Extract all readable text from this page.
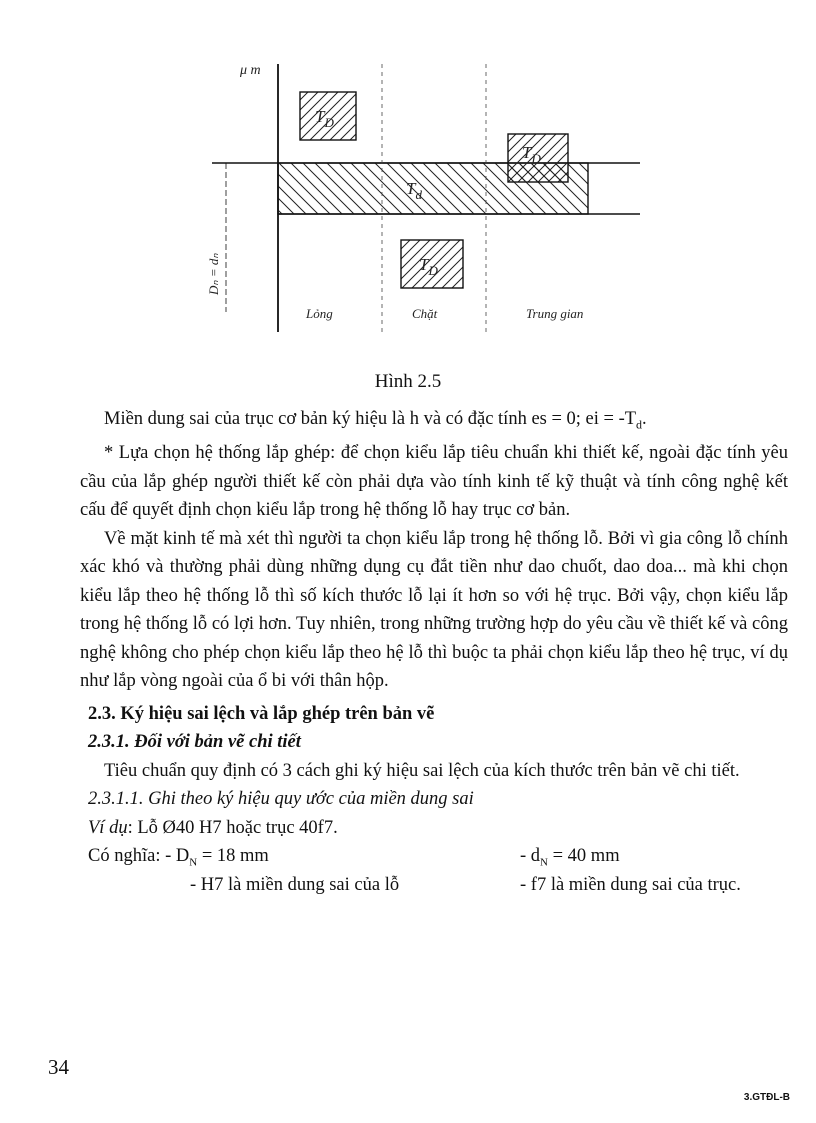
μ m
Dₙ = dₙ
$T_d$
$T_D$
$T_D$
$T_D$
Lỏng	Chặt	Trung gian
Hình 2.5

Miền dung sai của trục cơ bản ký hiệu là h và có đặc tính es = 0; ei = $-T_d$.

* Lựa chọn hệ thống lắp ghép: để chọn kiểu lắp tiêu chuẩn khi thiết kế, ngoài đặc tính yêu cầu của lắp ghép người thiết kế còn phải dựa vào tính kinh tế kỹ thuật và tính công nghệ kết cấu để quyết định chọn kiểu lắp trong hệ thống lỗ hay trục cơ bản.

Về mặt kinh tế mà xét thì người ta chọn kiểu lắp trong hệ thống lỗ. Bởi vì gia công lỗ chính xác khó và thường phải dùng những dụng cụ đắt tiền như dao chuốt, dao doa... mà khi chọn kiểu lắp theo hệ thống lỗ thì số kích thước lỗ lại ít hơn so với hệ trục. Bởi vậy, chọn kiểu lắp trong hệ thống lỗ có lợi hơn. Tuy nhiên, trong những trường hợp do yêu cầu về thiết kế và công nghệ không cho phép chọn kiểu lắp theo hệ lỗ thì buộc ta phải chọn kiểu lắp theo hệ trục, ví dụ như lắp vòng ngoài của ổ bi với thân hộp.

2.3. Ký hiệu sai lệch và lắp ghép trên bản vẽ

2.3.1. Đối với bản vẽ chi tiết

Tiêu chuẩn quy định có 3 cách ghi ký hiệu sai lệch của kích thước trên bản vẽ chi tiết.

2.3.1.1. Ghi theo ký hiệu quy ước của miền dung sai

Ví dụ: Lỗ Ø40 H7 hoặc trục 40f7.

Có nghĩa: - $D_N = 18$ mm	- $d_N = 40$ mm
- H7 là miền dung sai của lỗ	- f7 là miền dung sai của trục.
34
3.GTĐL-B
